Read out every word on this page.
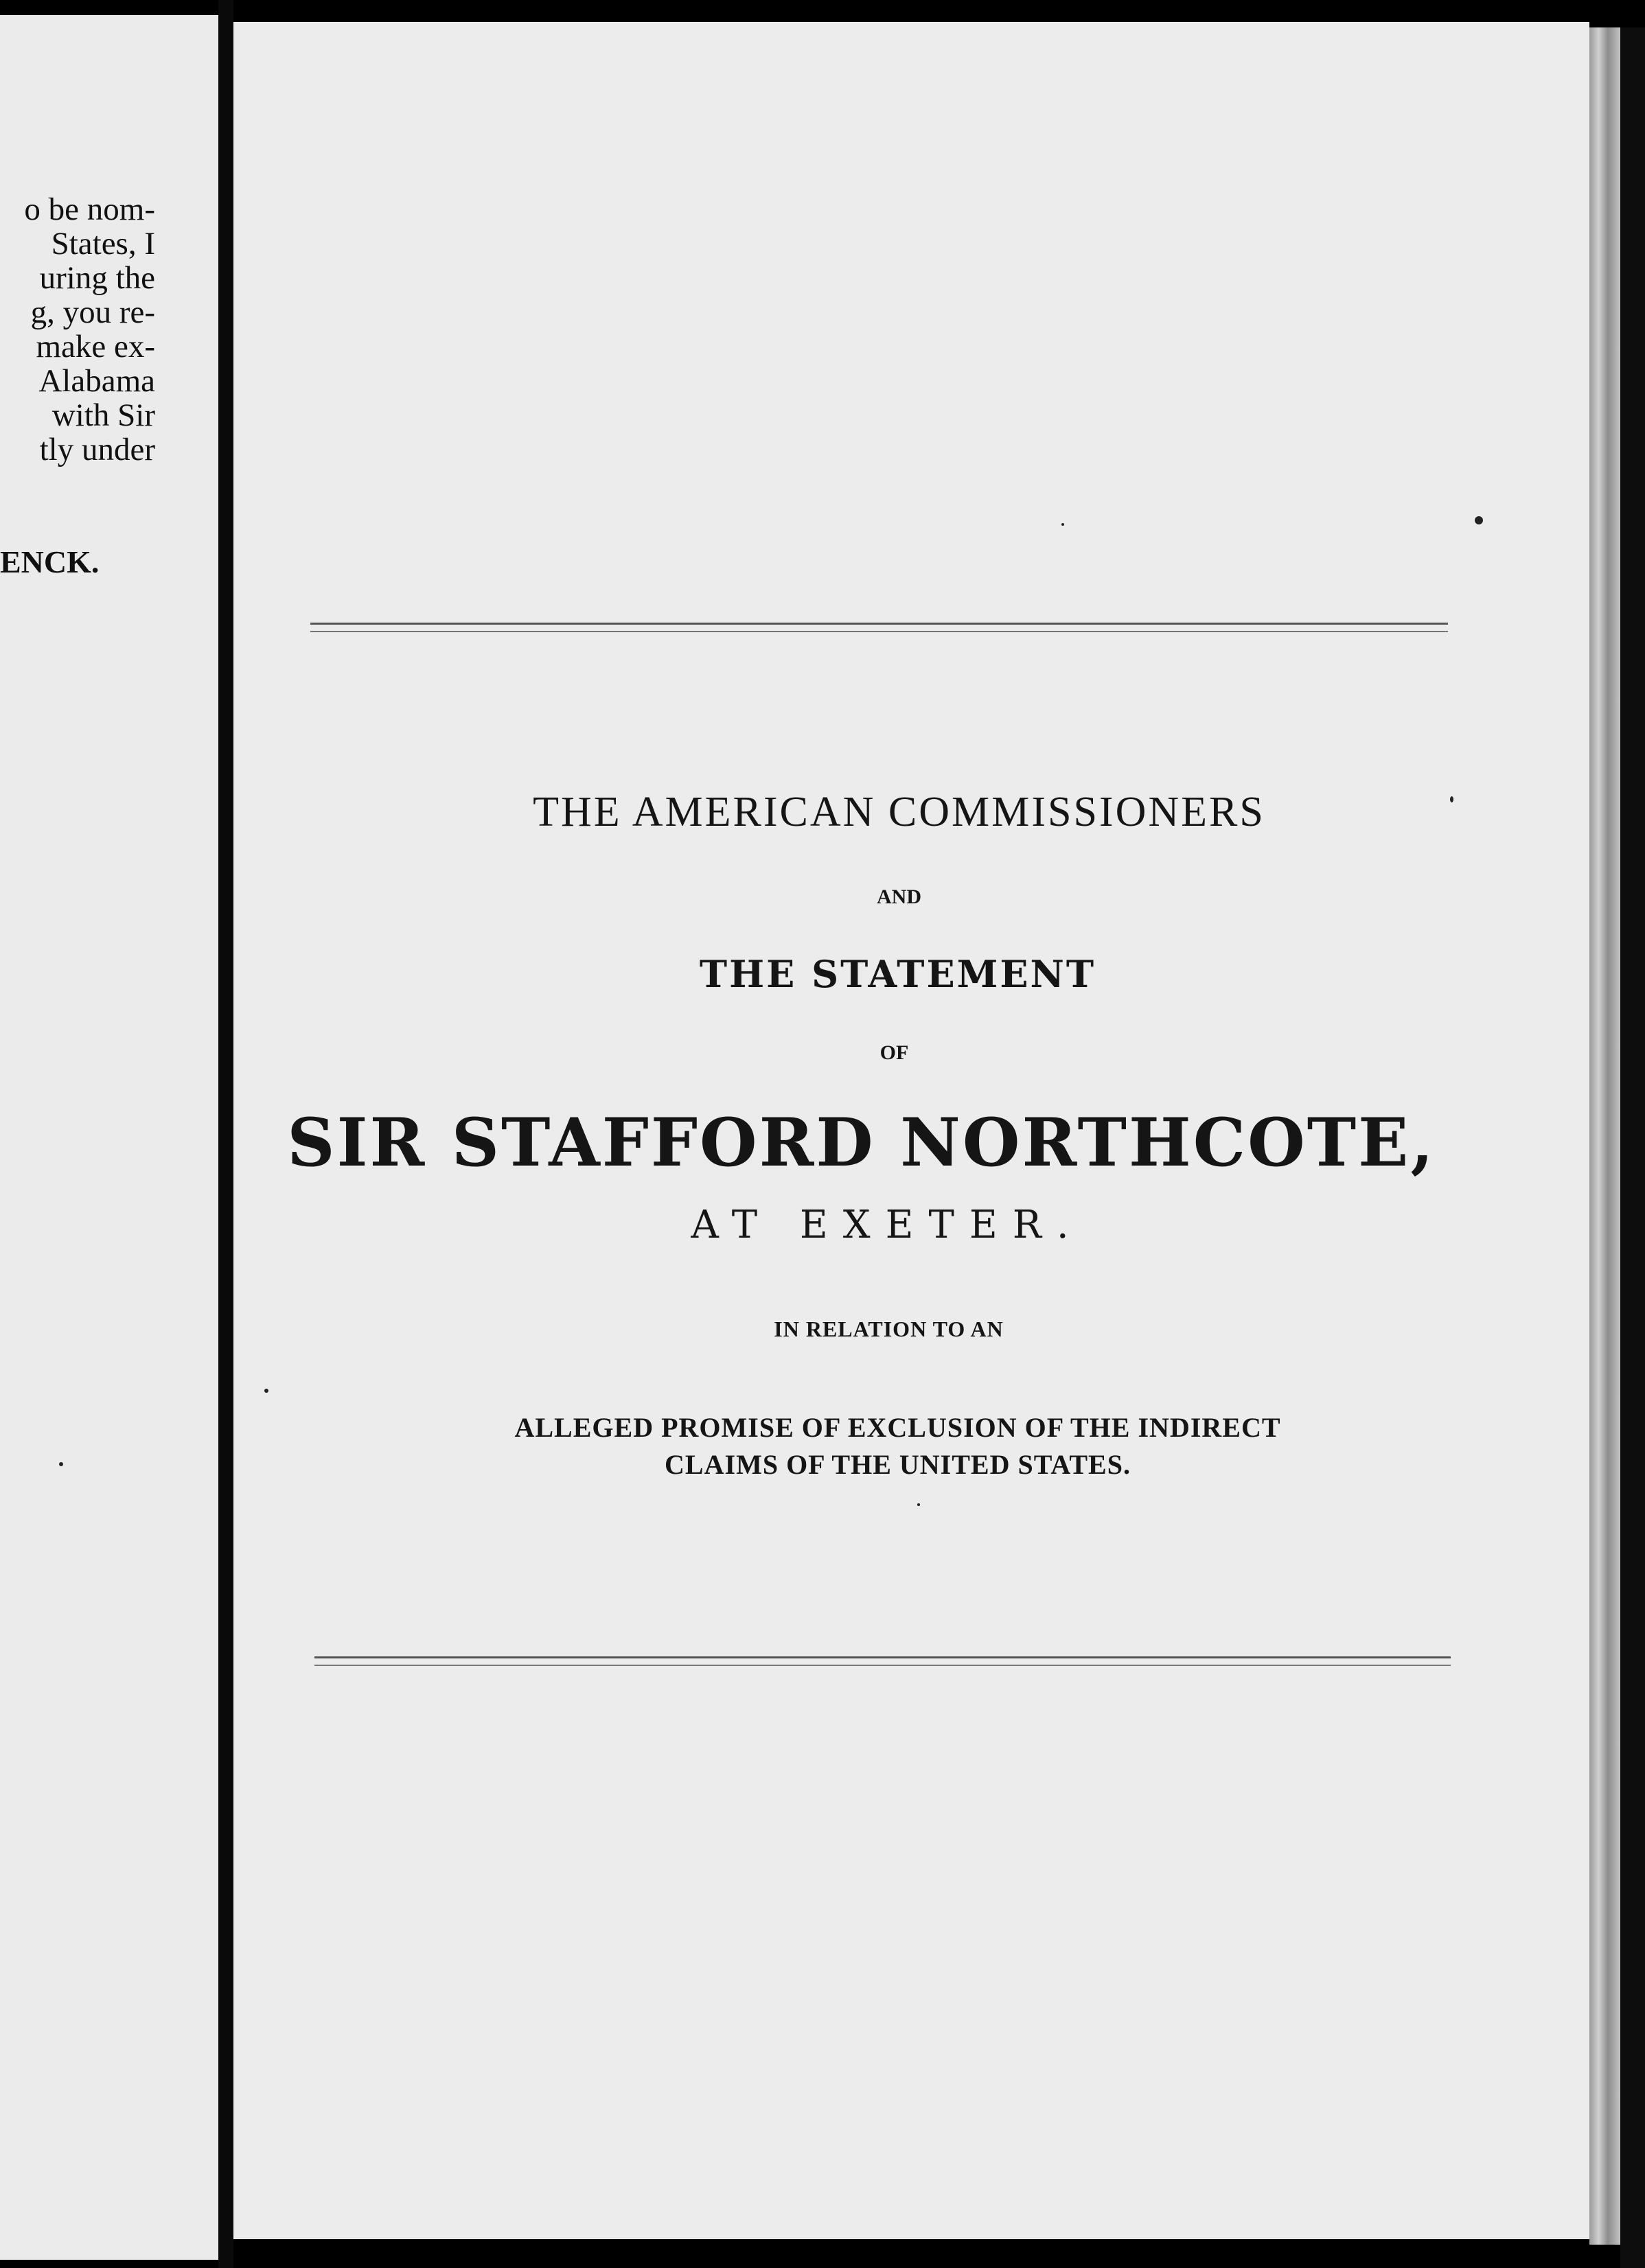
o be nom-
States, I
uring the
g, you re-
make ex-
Alabama
with Sir
tly under
ENCK.
THE AMERICAN COMMISSIONERS
AND
THE STATEMENT
OF
SIR STAFFORD NORTHCOTE,
AT EXETER.
IN RELATION TO AN
ALLEGED PROMISE OF EXCLUSION OF THE INDIRECT
CLAIMS OF THE UNITED STATES.
